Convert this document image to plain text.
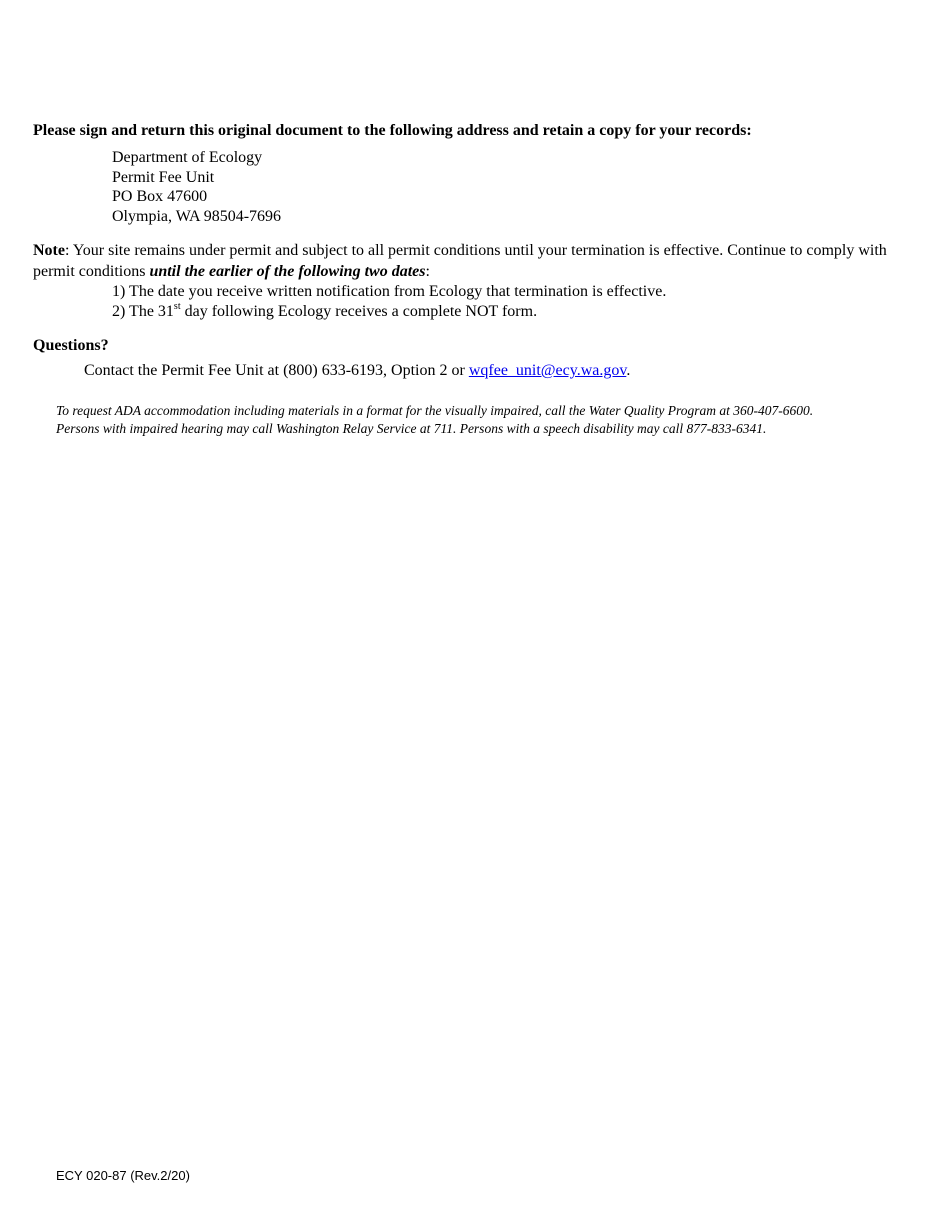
Please sign and return this original document to the following address and retain a copy for your records:
Department of Ecology
Permit Fee Unit
PO Box 47600
Olympia, WA 98504-7696
Note: Your site remains under permit and subject to all permit conditions until your termination is effective. Continue to comply with permit conditions until the earlier of the following two dates:
1) The date you receive written notification from Ecology that termination is effective.
2) The 31st day following Ecology receives a complete NOT form.
Questions?
Contact the Permit Fee Unit at (800) 633-6193, Option 2 or wqfee_unit@ecy.wa.gov.
To request ADA accommodation including materials in a format for the visually impaired, call the Water Quality Program at 360-407-6600. Persons with impaired hearing may call Washington Relay Service at 711. Persons with a speech disability may call 877-833-6341.
ECY 020-87 (Rev.2/20)
